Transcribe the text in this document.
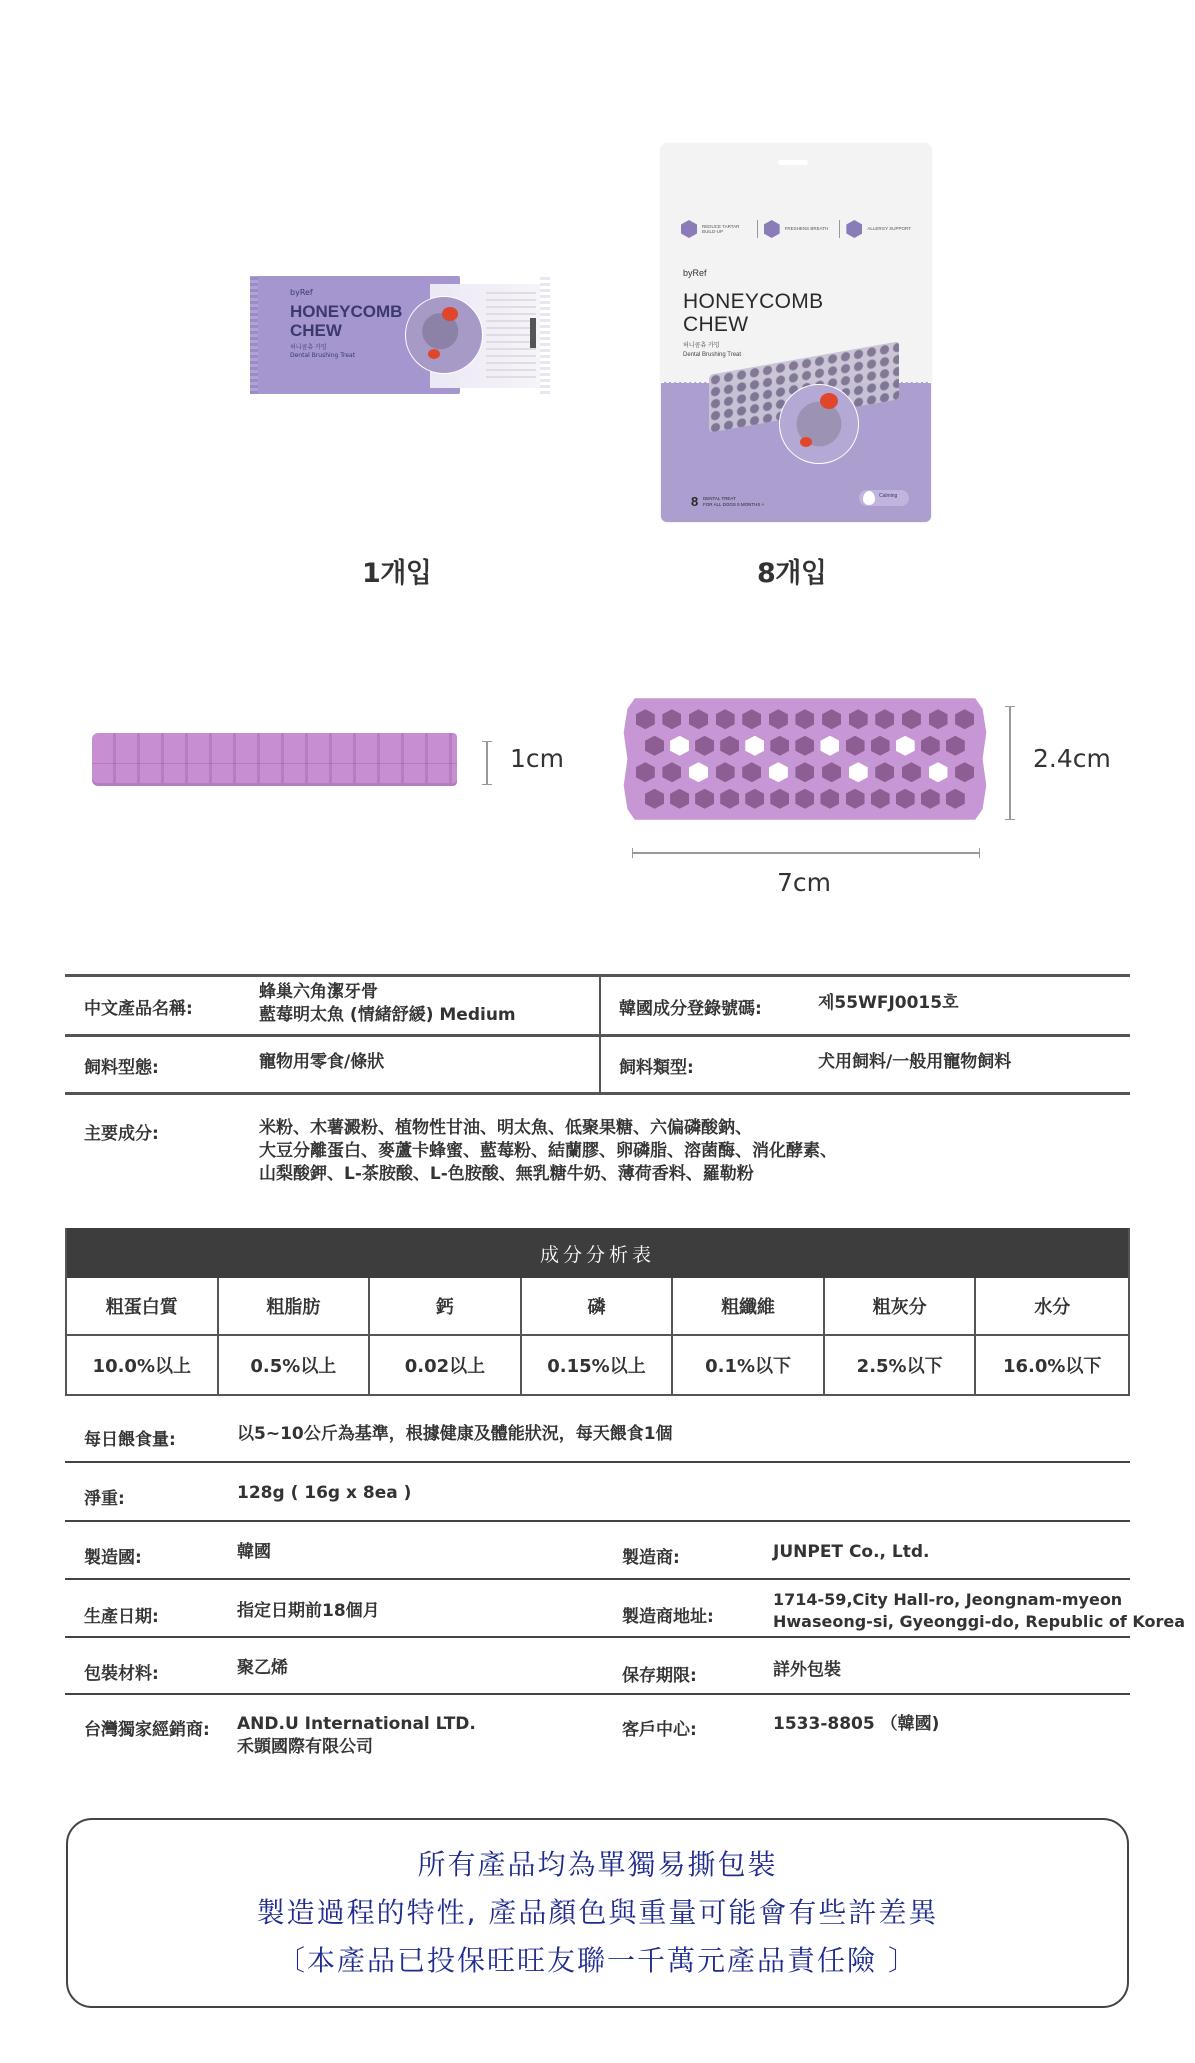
byRef
HONEYCOMB
CHEW
허니콤츄 카밍
Dental Brushing Treat
REDUCE TARTAR BUILD-UP
FRESHENS BREATH	ALLERGY SUPPORT
byRef
HONEYCOMB
CHEW
허니콤츄 카밍
Dental Brushing Treat
8 DENTAL TREAT
FOR ALL DOGS 5 MONTHS +
Calming
1개입	8개입
1cm	2.4cm
7cm
中文產品名稱:
蜂巢六角潔牙骨
藍莓明太魚 (情緒舒緩) Medium	韓國成分登錄號碼:	제55WFJ0015호
飼料型態:	寵物用零食/條狀	飼料類型:	犬用飼料/一般用寵物飼料
主要成分:	米粉、木薯澱粉、植物性甘油、明太魚、低聚果糖、六偏磷酸鈉、
大豆分離蛋白、麥蘆卡蜂蜜、藍莓粉、結蘭膠、卵磷脂、溶菌酶、消化酵素、
山梨酸鉀、L-茶胺酸、L-色胺酸、無乳糖牛奶、薄荷香料、羅勒粉
成分分析表
粗蛋白質	粗脂肪	鈣	磷	粗纖維	粗灰分	水分
10.0%以上	0.5%以上	0.02以上	0.15%以上	0.1%以下	2.5%以下	16.0%以下
每日餵食量:	以5~10公斤為基準，根據健康及體能狀況，每天餵食1個
淨重:	128g ( 16g x 8ea )
製造國:	韓國	製造商:	JUNPET Co., Ltd.
生產日期:	指定日期前18個月	製造商地址:
1714-59,City Hall-ro, Jeongnam-myeon
Hwaseong-si, Gyeonggi-do, Republic of Korea
包裝材料:	聚乙烯	保存期限:	詳外包裝
台灣獨家經銷商: AND.U International LTD.
禾顗國際有限公司
客戶中心:	1533-8805 （韓國)
所有產品均為單獨易撕包裝
製造過程的特性, 產品顏色與重量可能會有些許差異
〔本產品已投保旺旺友聯一千萬元產品責任險 〕
